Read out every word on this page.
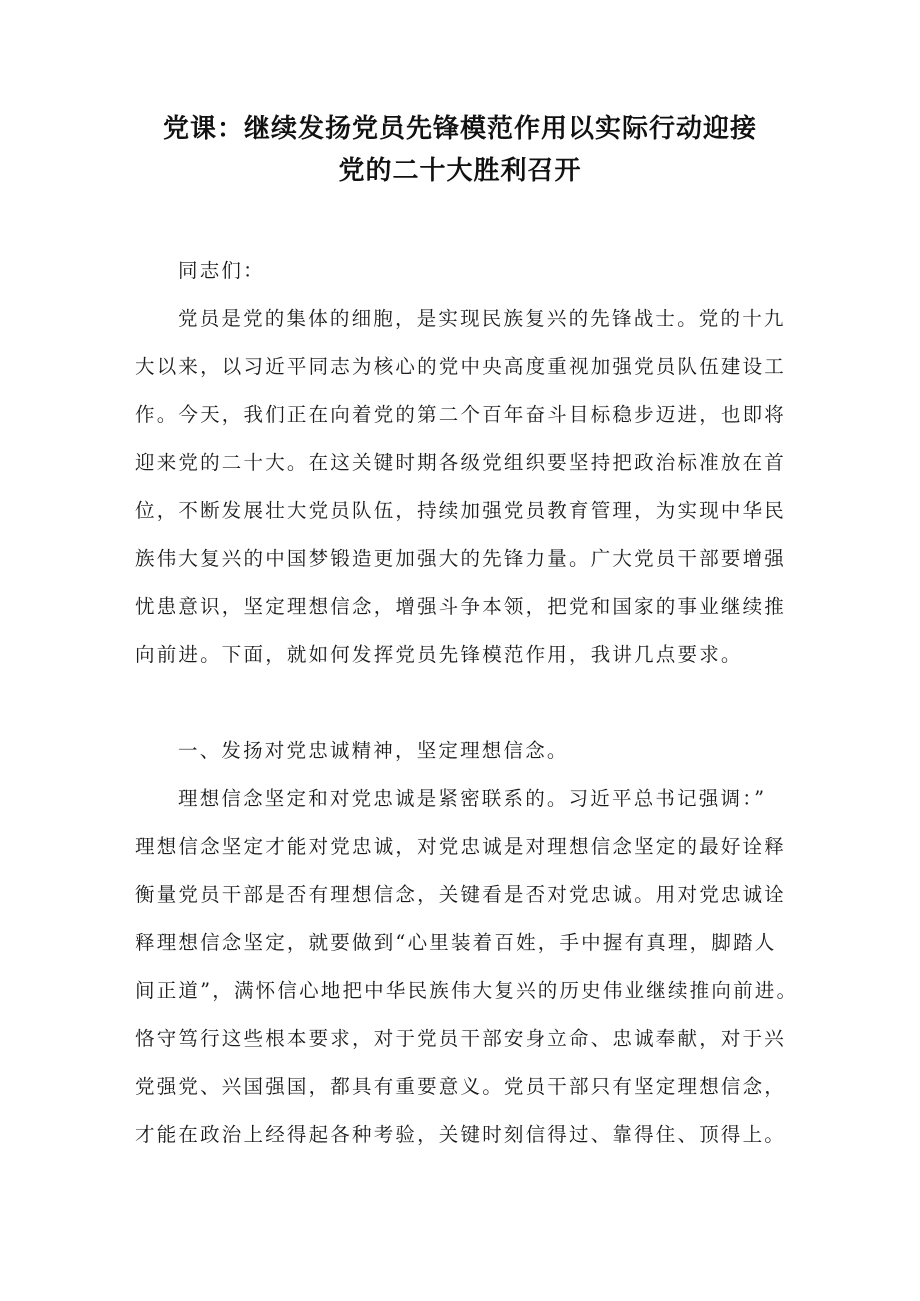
党课：继续发扬党员先锋模范作用以实际行动迎接
党的二十大胜利召开

同志们：

党员是党的集体的细胞，是实现民族复兴的先锋战士。党的十九

大以来，以习近平同志为核心的党中央高度重视加强党员队伍建设工

作。今天，我们正在向着党的第二个百年奋斗目标稳步迈进，也即将

迎来党的二十大。在这关键时期各级党组织要坚持把政治标准放在首

位，不断发展壮大党员队伍，持续加强党员教育管理，为实现中华民

族伟大复兴的中国梦锻造更加强大的先锋力量。广大党员干部要增强

忧患意识，坚定理想信念，增强斗争本领，把党和国家的事业继续推

向前进。下面，就如何发挥党员先锋模范作用，我讲几点要求。

一、发扬对党忠诚精神，坚定理想信念。

理想信念坚定和对党忠诚是紧密联系的。习近平总书记强调：”

理想信念坚定才能对党忠诚，对党忠诚是对理想信念坚定的最好诠释

衡量党员干部是否有理想信念，关键看是否对党忠诚。用对党忠诚诠

释理想信念坚定，就要做到“心里装着百姓，手中握有真理，脚踏人

间正道”，满怀信心地把中华民族伟大复兴的历史伟业继续推向前进。

恪守笃行这些根本要求，对于党员干部安身立命、忠诚奉献，对于兴

党强党、兴国强国，都具有重要意义。党员干部只有坚定理想信念，

才能在政治上经得起各种考验，关键时刻信得过、靠得住、顶得上。
